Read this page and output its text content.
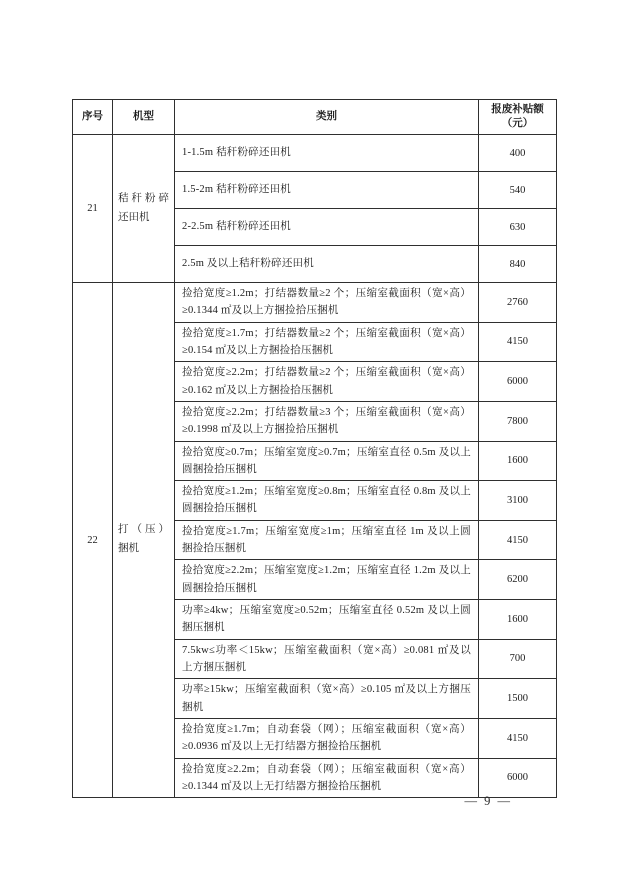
序号	机型	类别	报废补贴额
（元）

21	秸秆粉碎还田机	1-1.5m 秸秆粉碎还田机	400
		1.5-2m 秸秆粉碎还田机	540
		2-2.5m 秸秆粉碎还田机	630
		2.5m 及以上秸秆粉碎还田机	840
22	打（压）捆机	捡拾宽度≥1.2m；打结器数量≥2 个；压缩室截面积（宽×高）≥0.1344 ㎡及以上方捆捡拾压捆机	2760
		捡拾宽度≥1.7m；打结器数量≥2 个；压缩室截面积（宽×高）≥0.154 ㎡及以上方捆捡拾压捆机	4150
		捡拾宽度≥2.2m；打结器数量≥2 个；压缩室截面积（宽×高）≥0.162 ㎡及以上方捆捡拾压捆机	6000
		捡拾宽度≥2.2m；打结器数量≥3 个；压缩室截面积（宽×高）≥0.1998 ㎡及以上方捆捡拾压捆机	7800
		捡拾宽度≥0.7m；压缩室宽度≥0.7m；压缩室直径 0.5m 及以上圆捆捡拾压捆机	1600
		捡拾宽度≥1.2m；压缩室宽度≥0.8m；压缩室直径 0.8m 及以上圆捆捡拾压捆机	3100
		捡拾宽度≥1.7m；压缩室宽度≥1m；压缩室直径 1m 及以上圆捆捡拾压捆机	4150
		捡拾宽度≥2.2m；压缩室宽度≥1.2m；压缩室直径 1.2m 及以上圆捆捡拾压捆机	6200
		功率≥4kw；压缩室宽度≥0.52m；压缩室直径 0.52m 及以上圆捆压捆机	1600
		7.5kw≤功率＜15kw；压缩室截面积（宽×高）≥0.081 ㎡及以上方捆压捆机	700
		功率≥15kw；压缩室截面积（宽×高）≥0.105 ㎡及以上方捆压捆机	1500
		捡拾宽度≥1.7m；自动套袋（网）；压缩室截面积（宽×高）≥0.0936 ㎡及以上无打结器方捆捡拾压捆机	4150
		捡拾宽度≥2.2m；自动套袋（网）；压缩室截面积（宽×高）≥0.1344 ㎡及以上无打结器方捆捡拾压捆机	6000
— 9 —
